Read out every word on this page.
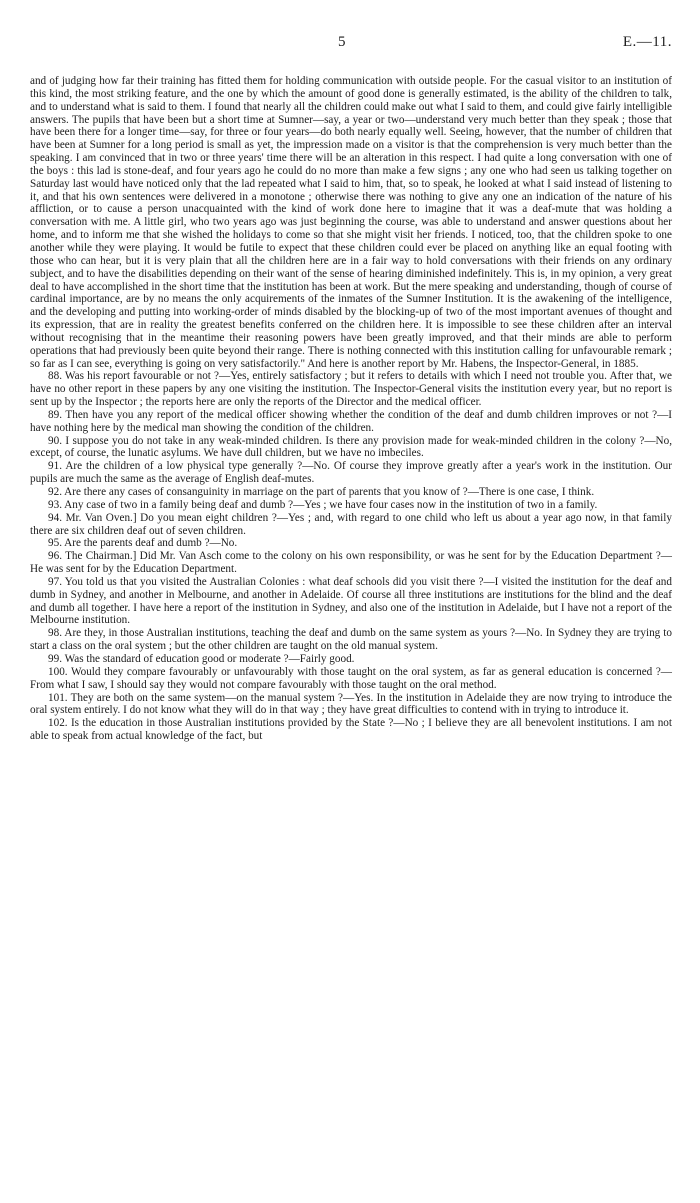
5	E.—11.

and of judging how far their training has fitted them for holding communication with outside people. For the casual visitor to an institution of this kind, the most striking feature, and the one by which the amount of good done is generally estimated, is the ability of the children to talk, and to understand what is said to them. I found that nearly all the children could make out what I said to them, and could give fairly intelligible answers. The pupils that have been but a short time at Sumner—say, a year or two—understand very much better than they speak ; those that have been there for a longer time—say, for three or four years—do both nearly equally well. Seeing, however, that the number of children that have been at Sumner for a long period is small as yet, the impression made on a visitor is that the comprehension is very much better than the speaking. I am convinced that in two or three years' time there will be an alteration in this respect. I had quite a long conversation with one of the boys : this lad is stone-deaf, and four years ago he could do no more than make a few signs ; any one who had seen us talking together on Saturday last would have noticed only that the lad repeated what I said to him, that, so to speak, he looked at what I said instead of listening to it, and that his own sentences were delivered in a monotone ; otherwise there was nothing to give any one an indication of the nature of his affliction, or to cause a person unacquainted with the kind of work done here to imagine that it was a deaf-mute that was holding a conversation with me. A little girl, who two years ago was just beginning the course, was able to understand and answer questions about her home, and to inform me that she wished the holidays to come so that she might visit her friends. I noticed, too, that the children spoke to one another while they were playing. It would be futile to expect that these children could ever be placed on anything like an equal footing with those who can hear, but it is very plain that all the children here are in a fair way to hold conversations with their friends on any ordinary subject, and to have the disabilities depending on their want of the sense of hearing diminished indefinitely. This is, in my opinion, a very great deal to have accomplished in the short time that the institution has been at work. But the mere speaking and understanding, though of course of cardinal importance, are by no means the only acquirements of the inmates of the Sumner Institution. It is the awakening of the intelligence, and the developing and putting into working-order of minds disabled by the blocking-up of two of the most important avenues of thought and its expression, that are in reality the greatest benefits conferred on the children here. It is impossible to see these children after an interval without recognising that in the meantime their reasoning powers have been greatly improved, and that their minds are able to perform operations that had previously been quite beyond their range. There is nothing connected with this institution calling for unfavourable remark ; so far as I can see, everything is going on very satisfactorily." And here is another report by Mr. Habens, the Inspector-General, in 1885.

88. Was his report favourable or not ?—Yes, entirely satisfactory ; but it refers to details with which I need not trouble you. After that, we have no other report in these papers by any one visiting the institution. The Inspector-General visits the institution every year, but no report is sent up by the Inspector ; the reports here are only the reports of the Director and the medical officer.

89. Then have you any report of the medical officer showing whether the condition of the deaf and dumb children improves or not ?—I have nothing here by the medical man showing the condition of the children.

90. I suppose you do not take in any weak-minded children. Is there any provision made for weak-minded children in the colony ?—No, except, of course, the lunatic asylums. We have dull children, but we have no imbeciles.

91. Are the children of a low physical type generally ?—No. Of course they improve greatly after a year's work in the institution. Our pupils are much the same as the average of English deaf-mutes.

92. Are there any cases of consanguinity in marriage on the part of parents that you know of ?—There is one case, I think.

93. Any case of two in a family being deaf and dumb ?—Yes ; we have four cases now in the institution of two in a family.

94. Mr. Van Oven.] Do you mean eight children ?—Yes ; and, with regard to one child who left us about a year ago now, in that family there are six children deaf out of seven children.

95. Are the parents deaf and dumb ?—No.

96. The Chairman.] Did Mr. Van Asch come to the colony on his own responsibility, or was he sent for by the Education Department ?—He was sent for by the Education Department.

97. You told us that you visited the Australian Colonies : what deaf schools did you visit there ?—I visited the institution for the deaf and dumb in Sydney, and another in Melbourne, and another in Adelaide. Of course all three institutions are institutions for the blind and the deaf and dumb all together. I have here a report of the institution in Sydney, and also one of the institution in Adelaide, but I have not a report of the Melbourne institution.

98. Are they, in those Australian institutions, teaching the deaf and dumb on the same system as yours ?—No. In Sydney they are trying to start a class on the oral system ; but the other children are taught on the old manual system.

99. Was the standard of education good or moderate ?—Fairly good.

100. Would they compare favourably or unfavourably with those taught on the oral system, as far as general education is concerned ?—From what I saw, I should say they would not compare favourably with those taught on the oral method.

101. They are both on the same system—on the manual system ?—Yes. In the institution in Adelaide they are now trying to introduce the oral system entirely. I do not know what they will do in that way ; they have great difficulties to contend with in trying to introduce it.

102. Is the education in those Australian institutions provided by the State ?—No ; I believe they are all benevolent institutions. I am not able to speak from actual knowledge of the fact, but
